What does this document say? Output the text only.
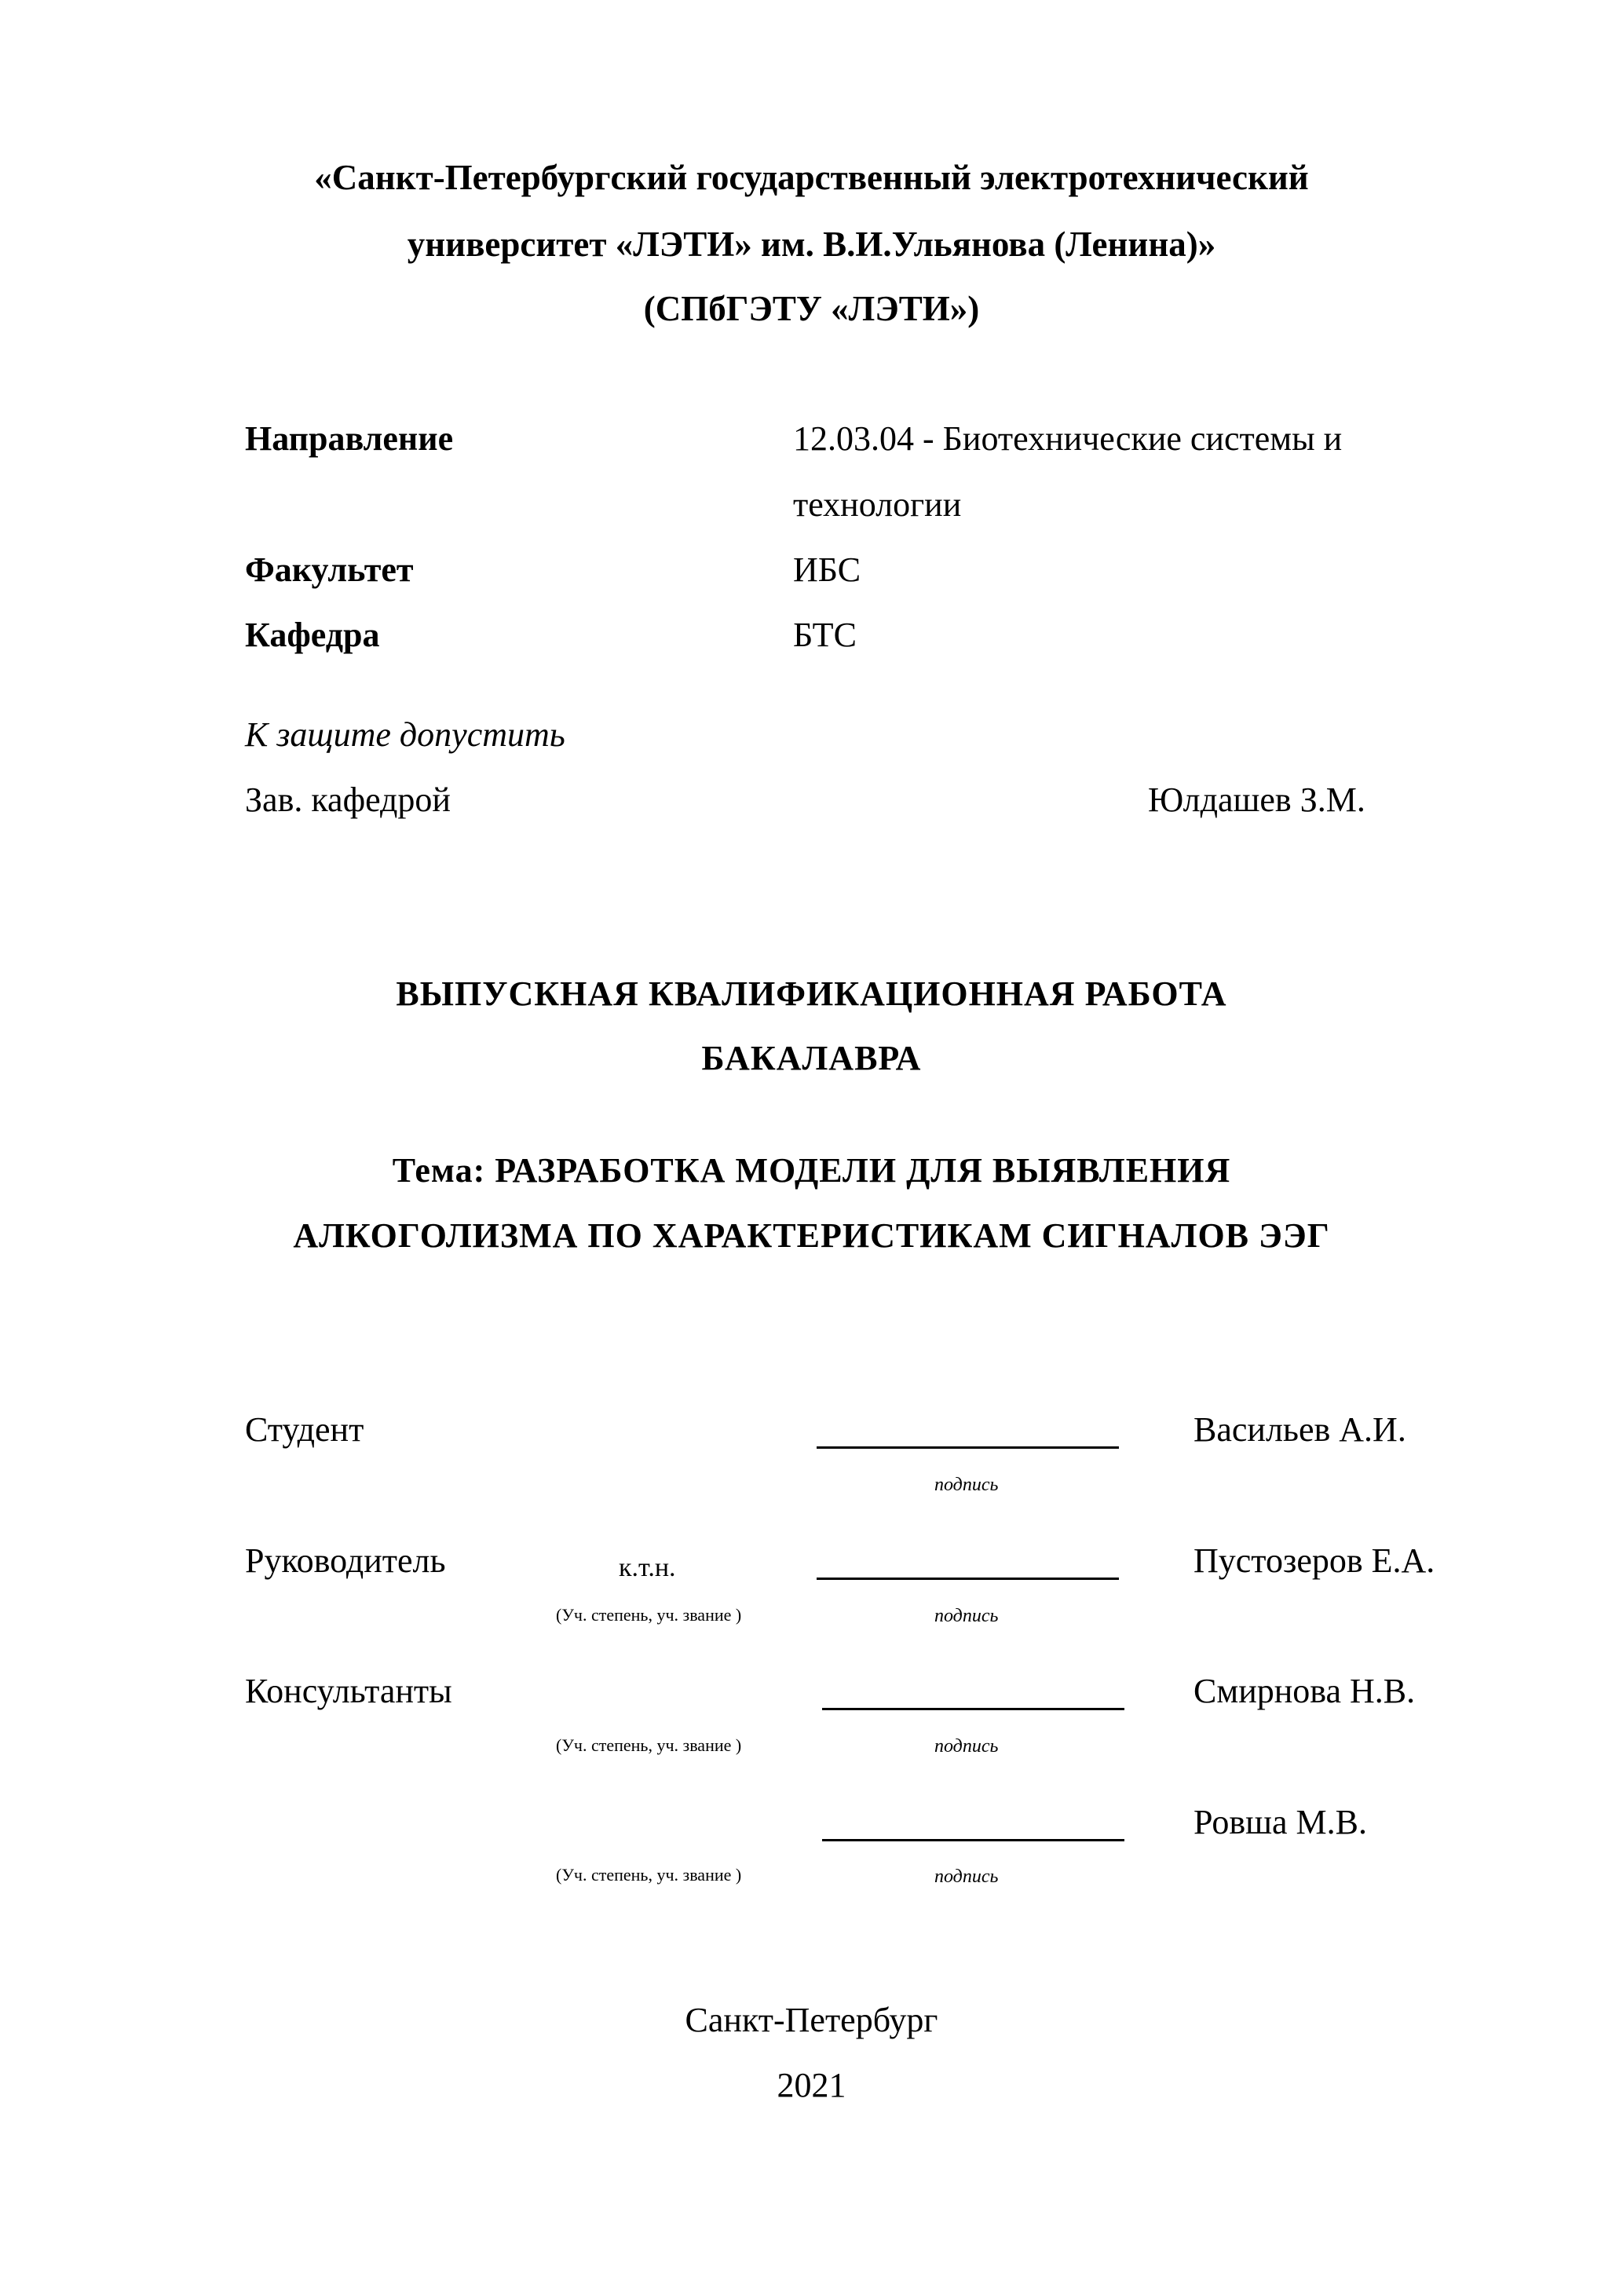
«Санкт-Петербургский государственный электротехнический
университет «ЛЭТИ» им. В.И.Ульянова (Ленина)»
(СПбГЭТУ «ЛЭТИ»)
Направление	12.03.04 - Биотехнические системы и
технологии
Факультет	ИБС
Кафедра	БТС
К защите допустить
Зав. кафедрой	Юлдашев З.М.
ВЫПУСКНАЯ КВАЛИФИКАЦИОННАЯ РАБОТА
БАКАЛАВРА
Тема: РАЗРАБОТКА МОДЕЛИ ДЛЯ ВЫЯВЛЕНИЯ
АЛКОГОЛИЗМА ПО ХАРАКТЕРИСТИКАМ СИГНАЛОВ ЭЭГ
Студент	Васильев А.И.
подпись
Руководитель	к.т.н.	Пустозеров Е.А.
(Уч. степень, уч. звание )	подпись
Консультанты	Смирнова Н.В.
(Уч. степень, уч. звание )	подпись
Ровша М.В.
(Уч. степень, уч. звание )	подпись
Санкт-Петербург
2021
